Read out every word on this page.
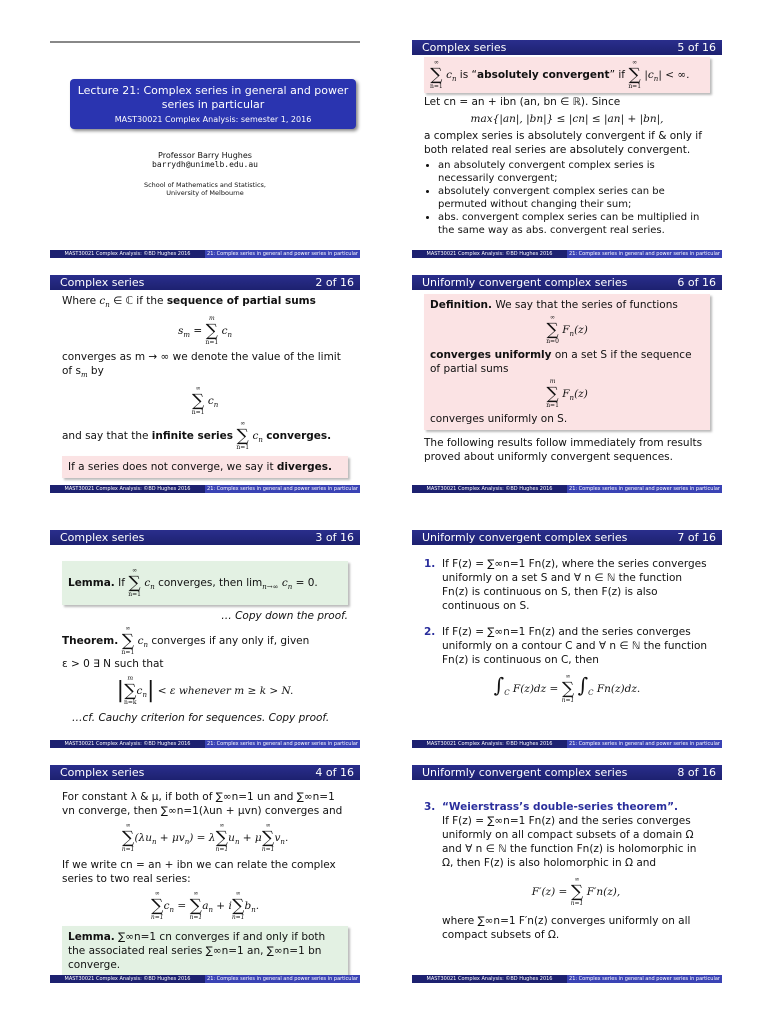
Lecture 21: Complex series in general and power series in particular
MAST30021 Complex Analysis: semester 1, 2016
Professor Barry Hughes
barrydh@unimelb.edu.au
School of Mathematics and Statistics,
University of Melbourne
MAST30021 Complex Analysis: ©BD Hughes 2016	21: Complex series in general and power series in particular
Complex series	2 of 16
Where $c_n$ ∈ ℂ if the sequence of partial sums
$s_m$ =
m
∑
n=1
$c_n$
converges as m → ∞ we denote the value of the limit of $s_m$ by
∞
∑
n=1
$c_n$
and say that the infinite series
∞
∑
n=1
$c_n$ converges.
If a series does not converge, we say it diverges.
MAST30021 Complex Analysis: ©BD Hughes 2016	21: Complex series in general and power series in particular
Complex series	3 of 16
Lemma. If
∞
∑
n=1
$c_n$ converges, then $\lim_{n\to\infty} c_n = 0$.
… Copy down the proof.
Theorem.
∞
∑
n=1
$c_n$ converges if any only if, given
ε > 0 ∃ N such that
| m
∑
n=k
$c_n| < \varepsilon$ whenever m ≥ k > N.
…cf. Cauchy criterion for sequences. Copy proof.
MAST30021 Complex Analysis: ©BD Hughes 2016	21: Complex series in general and power series in particular
Complex series	4 of 16
For constant λ & μ, if both of ∑∞n=1 un and ∑∞n=1 vn converge, then ∑∞n=1(λun + μvn) converges and
∞
∑
n=1
$(\lambda u_n + \mu v_n) = \lambda$
∞
∑
n=1
$u_n + \mu$
∞
∑
n=1
$v_n$.
If we write cn = an + ibn we can relate the complex series to two real series:
∞
∑
n=1
$c_n$ =
∞
∑
n=1
$a_n + i$
∞
∑
n=1
$b_n$.
Lemma. ∑∞n=1 cn converges if and only if both the associated real series ∑∞n=1 an, ∑∞n=1 bn converge.
MAST30021 Complex Analysis: ©BD Hughes 2016	21: Complex series in general and power series in particular
Complex series	5 of 16
∞
∑
n=1
$c_n$ is “absolutely convergent” if
∞
∑
n=1
$|c_n|$ < ∞.
Let cn = an + ibn (an, bn ∈ ℝ). Since
max{|an|, |bn|} ≤ |cn| ≤ |an| + |bn|,
a complex series is absolutely convergent if & only if both related real series are absolutely convergent.
• an absolutely convergent complex series is necessarily convergent;
• absolutely convergent complex series can be permuted without changing their sum;
• abs. convergent complex series can be multiplied in the same way as abs. convergent real series.
MAST30021 Complex Analysis: ©BD Hughes 2016	21: Complex series in general and power series in particular
Uniformly convergent complex series	6 of 16
Definition. We say that the series of functions
∞
∑
n=0
$F_n(z)$
converges uniformly on a set S if the sequence of partial sums
m
∑
n=1
$F_n(z)$
converges uniformly on S.
The following results follow immediately from results proved about uniformly convergent sequences.
MAST30021 Complex Analysis: ©BD Hughes 2016	21: Complex series in general and power series in particular
Uniformly convergent complex series	7 of 16
1. If F(z) = ∑∞n=1 Fn(z), where the series converges uniformly on a set S and ∀ n ∈ ℕ the function Fn(z) is continuous on S, then F(z) is also continuous on S.
2. If F(z) = ∑∞n=1 Fn(z) and the series converges uniformly on a contour C and ∀ n ∈ ℕ the function Fn(z) is continuous on C, then
$\int_C$ F(z)dz =
∞
∑
n=1
$\int_C$ Fn(z)dz.
MAST30021 Complex Analysis: ©BD Hughes 2016	21: Complex series in general and power series in particular
Uniformly convergent complex series	8 of 16
3. “Weierstrass’s double-series theorem”.
If F(z) = ∑∞n=1 Fn(z) and the series converges uniformly on all compact subsets of a domain Ω and ∀ n ∈ ℕ the function Fn(z) is holomorphic in Ω, then F(z) is also holomorphic in Ω and
F′(z) =
∞
∑
n=1
F′n(z),
where ∑∞n=1 F′n(z) converges uniformly on all compact subsets of Ω.
MAST30021 Complex Analysis: ©BD Hughes 2016	21: Complex series in general and power series in particular
